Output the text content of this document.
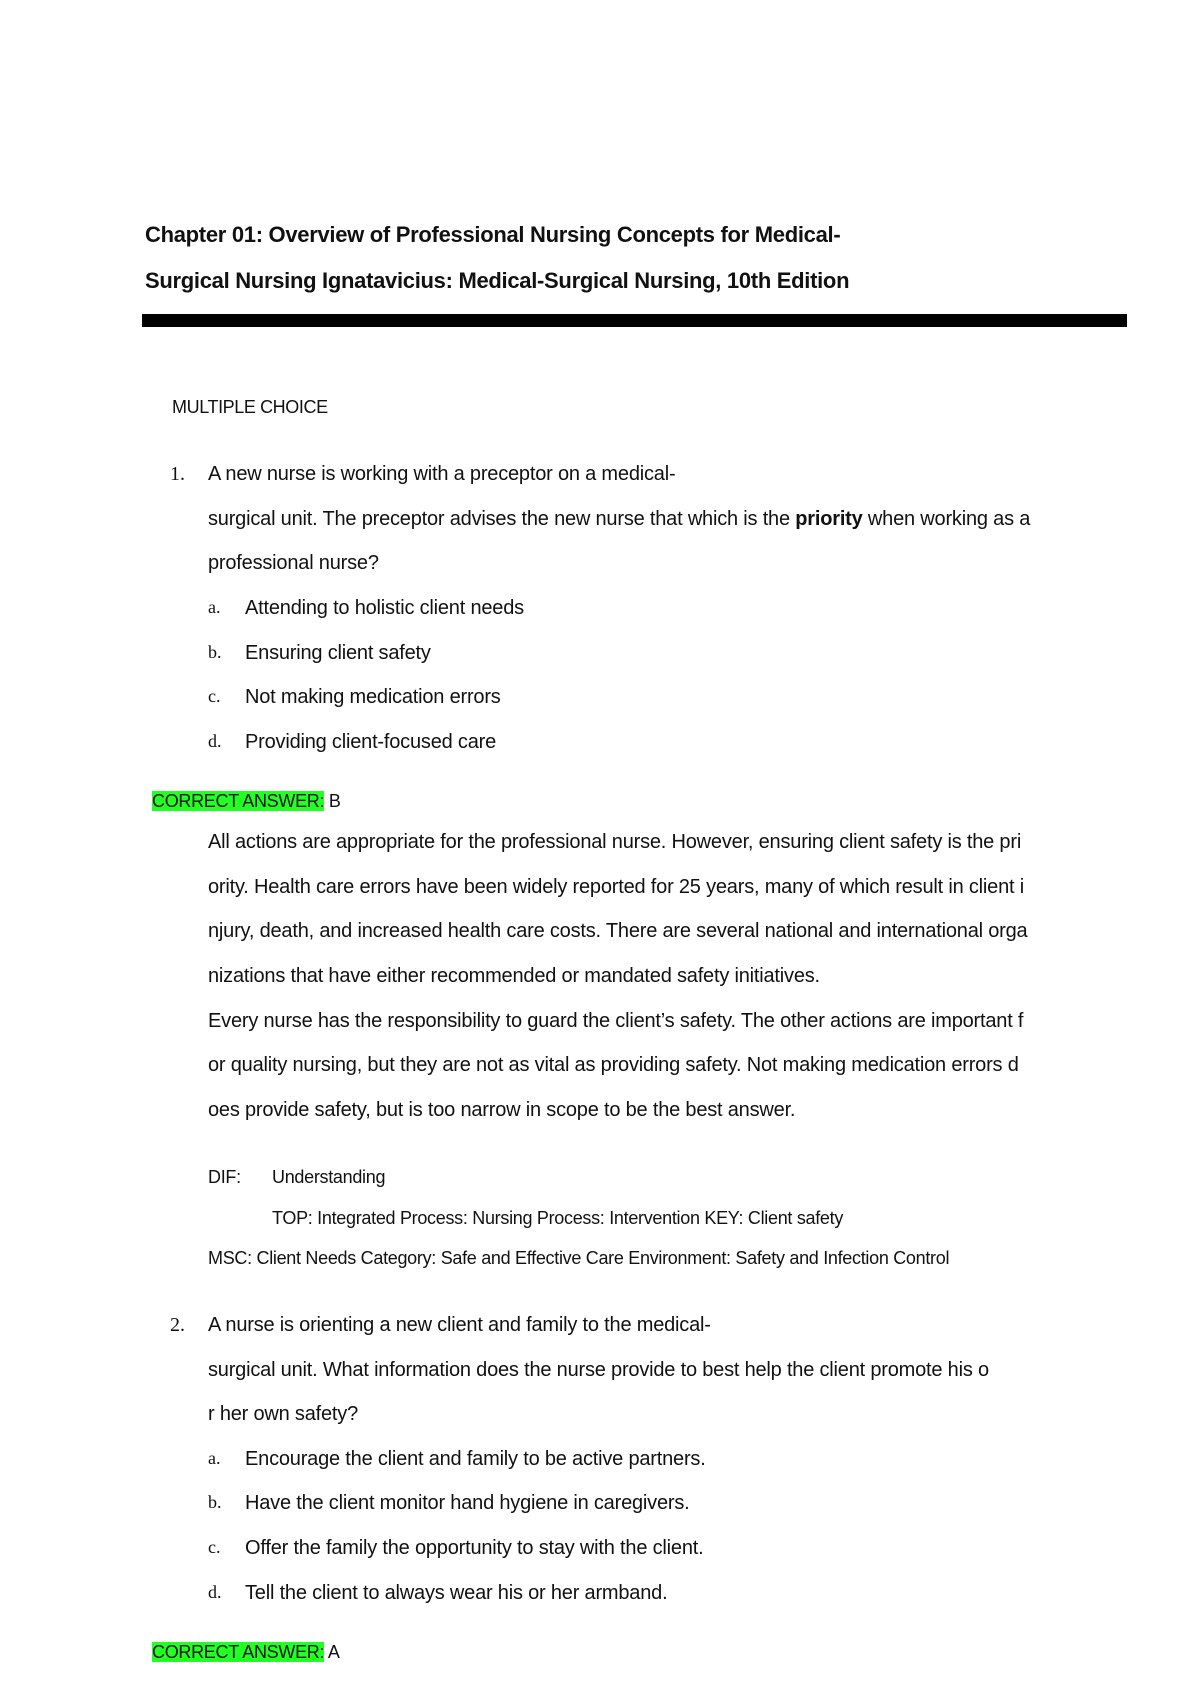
Chapter 01: Overview of Professional Nursing Concepts for Medical-
Surgical Nursing Ignatavicius: Medical-Surgical Nursing, 10th Edition
MULTIPLE CHOICE
1. A new nurse is working with a preceptor on a medical-
surgical unit. The preceptor advises the new nurse that which is the priority when working as a
professional nurse?
a. Attending to holistic client needs
b. Ensuring client safety
c. Not making medication errors
d. Providing client-focused care
CORRECT ANSWER: B
All actions are appropriate for the professional nurse. However, ensuring client safety is the pri
ority. Health care errors have been widely reported for 25 years, many of which result in client i
njury, death, and increased health care costs. There are several national and international orga
nizations that have either recommended or mandated safety initiatives.
Every nurse has the responsibility to guard the client’s safety. The other actions are important f
or quality nursing, but they are not as vital as providing safety. Not making medication errors d
oes provide safety, but is too narrow in scope to be the best answer.
DIF: Understanding
TOP: Integrated Process: Nursing Process: Intervention KEY: Client safety
MSC: Client Needs Category: Safe and Effective Care Environment: Safety and Infection Control
2. A nurse is orienting a new client and family to the medical-
surgical unit. What information does the nurse provide to best help the client promote his o
r her own safety?
a. Encourage the client and family to be active partners.
b. Have the client monitor hand hygiene in caregivers.
c. Offer the family the opportunity to stay with the client.
d. Tell the client to always wear his or her armband.
CORRECT ANSWER: A
